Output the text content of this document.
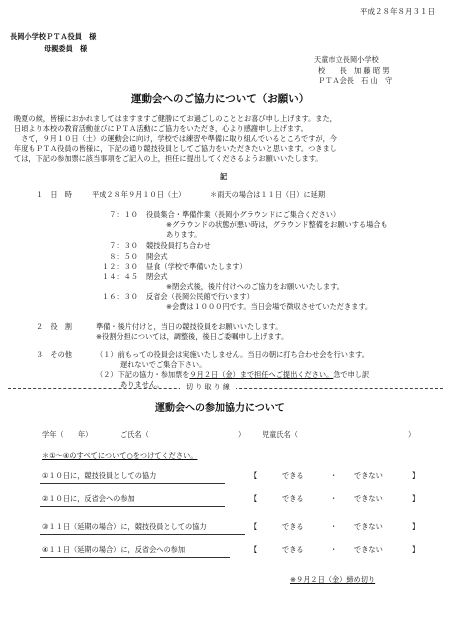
平成２８年８月３１日
長岡小学校ＰＴＡ役員　様
母親委員　様
天童市立長岡小学校
校　　長　加 藤 昭 男
ＰＴＡ会長　石 山　守
運動会へのご協力について（お願い）
晩夏の候，皆様におかれましてはますますご健勝にてお過ごしのこととお喜び申し上げます。また，
日頃より本校の教育活動並びにＰＴＡ活動にご協力をいただき，心より感謝申し上げます。
　さて，９月１０日（土）の運動会に向け，学校では練習や準備に取り組んでいるところですが，今
年度もＰＴＡ役員の皆様に，下記の通り競技役員としてご協力をいただきたいと思います。つきまし
ては，下記の参加票に該当事項をご記入の上，担任に提出してくださるようお願いいたします。
記
１　日　時	平成２８年９月１０日（土）	＊雨天の場合は１１日（日）に延期
７：１０ 役員集合・準備作業（長岡小グラウンドにご集合ください）
※グラウンドの状態が悪い時は，グラウンド整備をお願いする場合も
あります。
７：３０ 競技役員打ち合わせ
８：５０ 開会式
１２：３０ 昼食（学校で準備いたします）
１４：４５ 閉会式
※閉会式後，後片付けへのご協力をお願いいたします。
１６：３０ 反省会（長岡公民館で行います）
※会費は１０００円です。当日会場で徴収させていただきます。
２　役　割	準備・後片付けと，当日の競技役員をお願いいたします。
※役割分担については，調整後，後日ご委嘱申し上げます。
３　その他	（１）前もっての役員会は実施いたしません。当日の朝に打ち合わせ会を行います。
遅れないでご集合下さい。
（２）下記の協力・参加票を９月２日（金）まで担任へご提出ください。急で申し訳
ありません。	切 り 取 り 線
運動会への参加協力について
学年（　　年）	ご氏名（	） 児童氏名（	）
＊①～④のすべてについて○をつけてください。
①１０日に，競技役員としての協力	【	できる	・ できない	】
②１０日に，反省会への参加	【	できる	・ できない	】
③１１日（延期の場合）に，競技役員としての協力	【	できる	・ できない	】
④１１日（延期の場合）に，反省会への参加	【	できる	・ できない	】
※９月２日（金）締め切り
